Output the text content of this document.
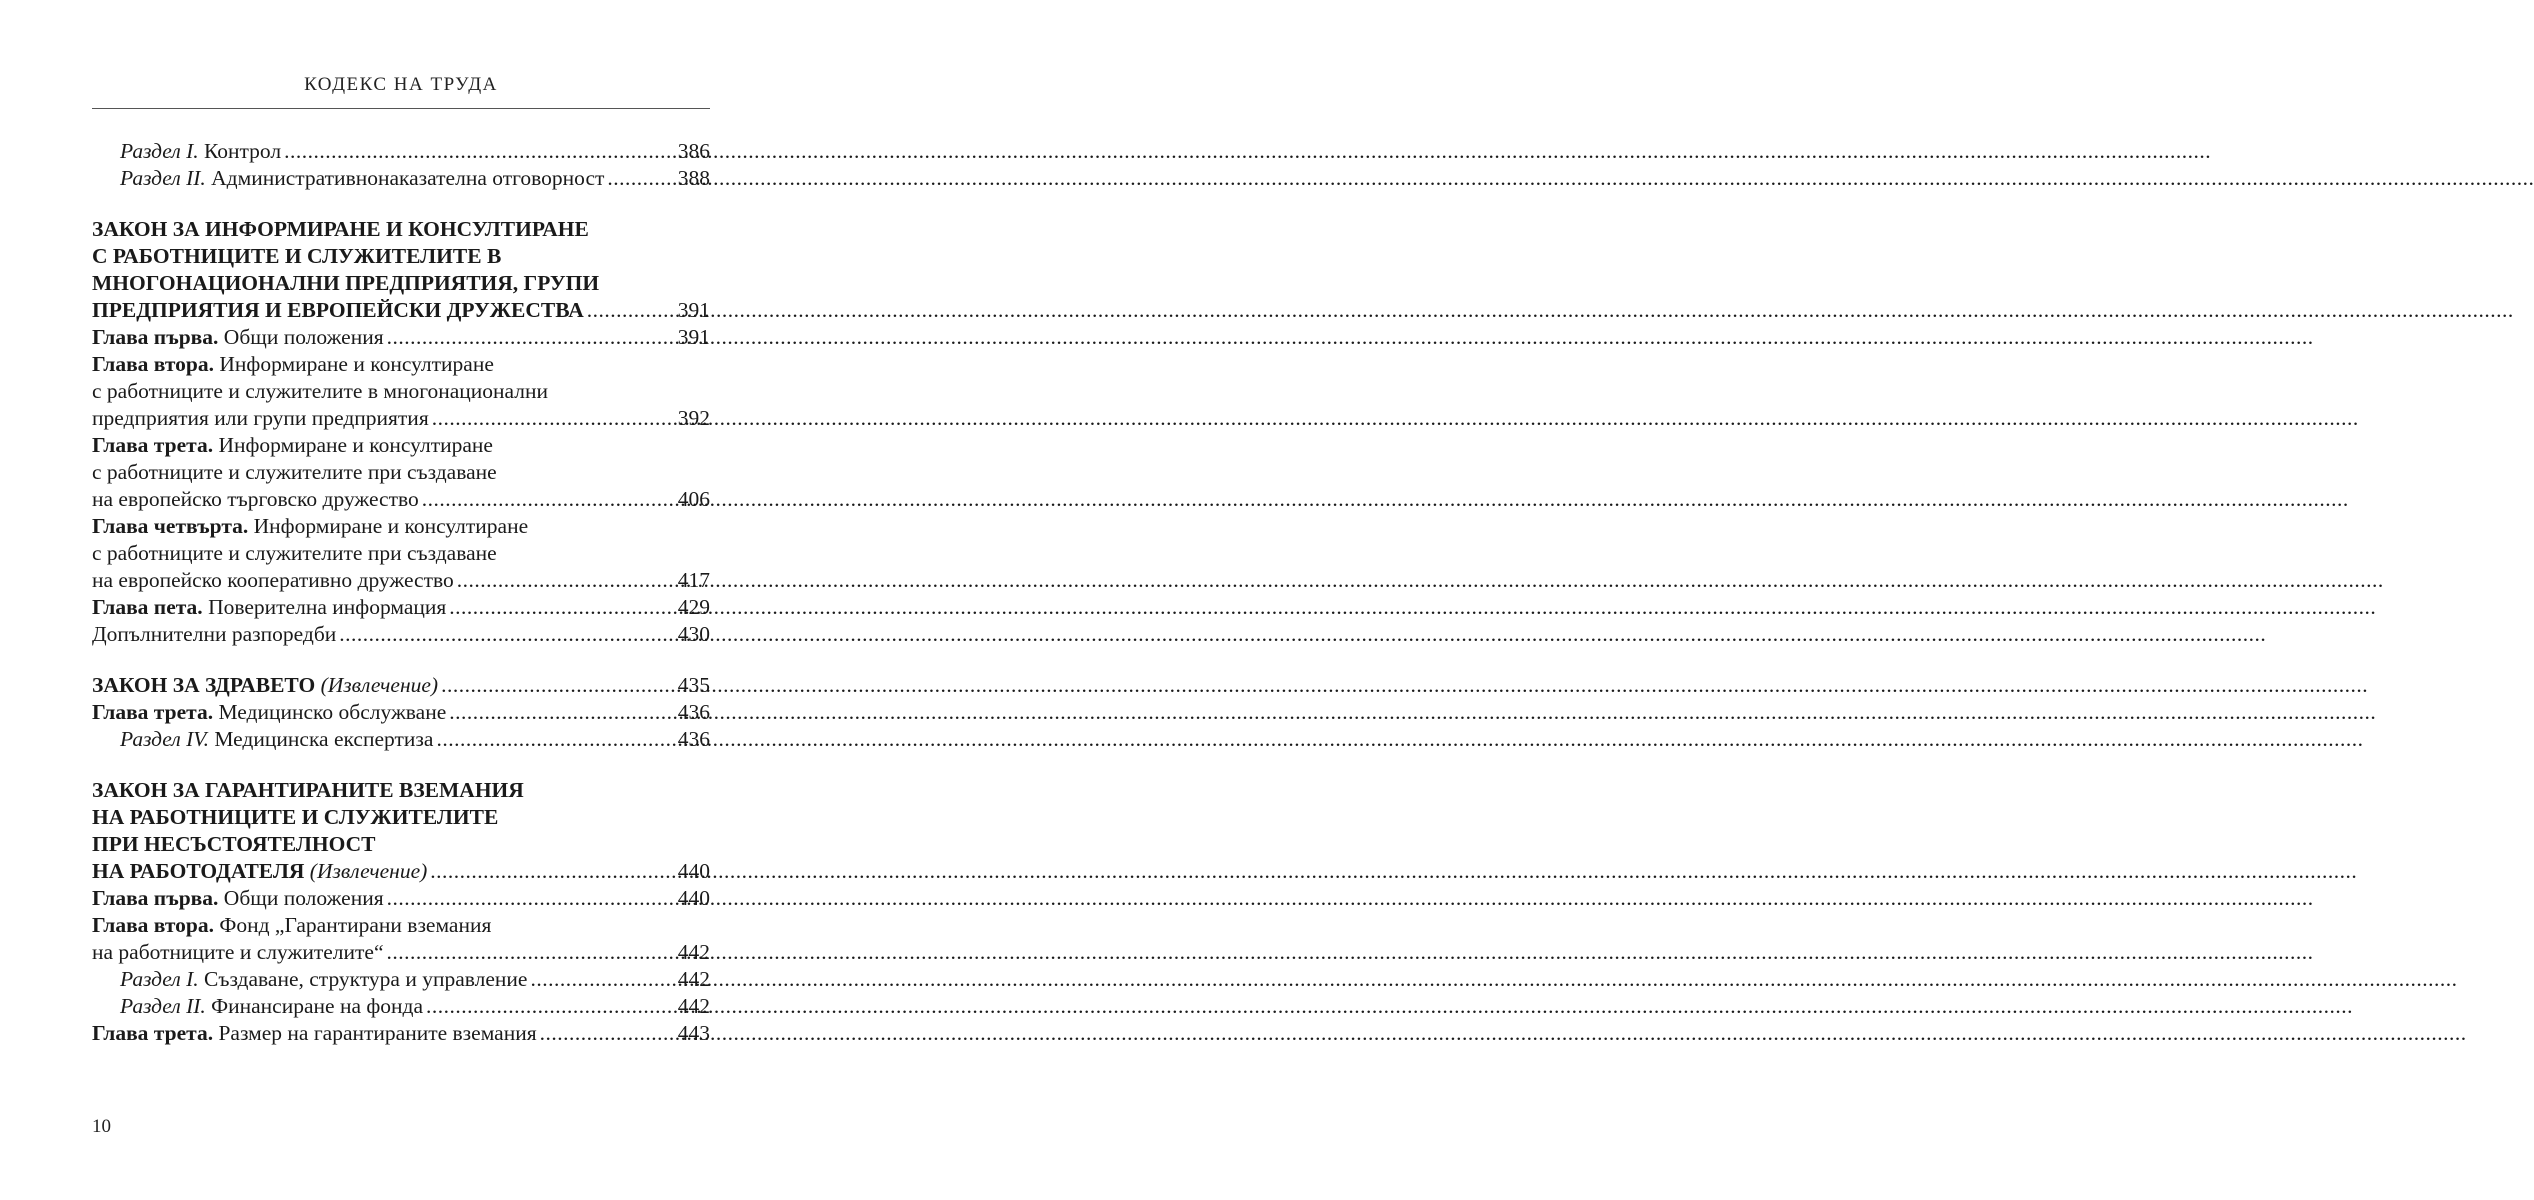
КОДЕКС НА ТРУДА
Раздел I. Контрол .....	386
Раздел II. Административнонаказателна отговорност .....	388
ЗАКОН ЗА ИНФОРМИРАНЕ И КОНСУЛТИРАНЕ
С РАБОТНИЦИТЕ И СЛУЖИТЕЛИТЕ В
МНОГОНАЦИОНАЛНИ ПРЕДПРИЯТИЯ, ГРУПИ
ПРЕДПРИЯТИЯ И ЕВРОПЕЙСКИ ДРУЖЕСТВА .....	391
Глава първа. Общи положения .....	391
Глава втора. Информиране и консултиране
с работниците и служителите в многонационални
предприятия или групи предприятия .....	392
Глава трета. Информиране и консултиране
с работниците и служителите при създаване
на европейско търговско дружество .....	406
Глава четвърта. Информиране и консултиране
с работниците и служителите при създаване
на европейско кооперативно дружество .....	417
Глава пета. Поверителна информация .....	429
Допълнителни разпоредби .....	430
ЗАКОН ЗА ЗДРАВЕТО (Извлечение) .....	435
Глава трета. Медицинско обслужване .....	436
Раздел IV. Медицинска експертиза .....	436
ЗАКОН ЗА ГАРАНТИРАНИТЕ ВЗЕМАНИЯ
НА РАБОТНИЦИТЕ И СЛУЖИТЕЛИТЕ
ПРИ НЕСЪСТОЯТЕЛНОСТ
НА РАБОТОДАТЕЛЯ (Извлечение) .....	440
Глава първа. Общи положения .....	440
Глава втора. Фонд „Гарантирани вземания
на работниците и служителите“ .....	442
Раздел I. Създаване, структура и управление .....	442
Раздел II. Финансиране на фонда .....	442
Глава трета. Размер на гарантираните вземания .....	443
10
